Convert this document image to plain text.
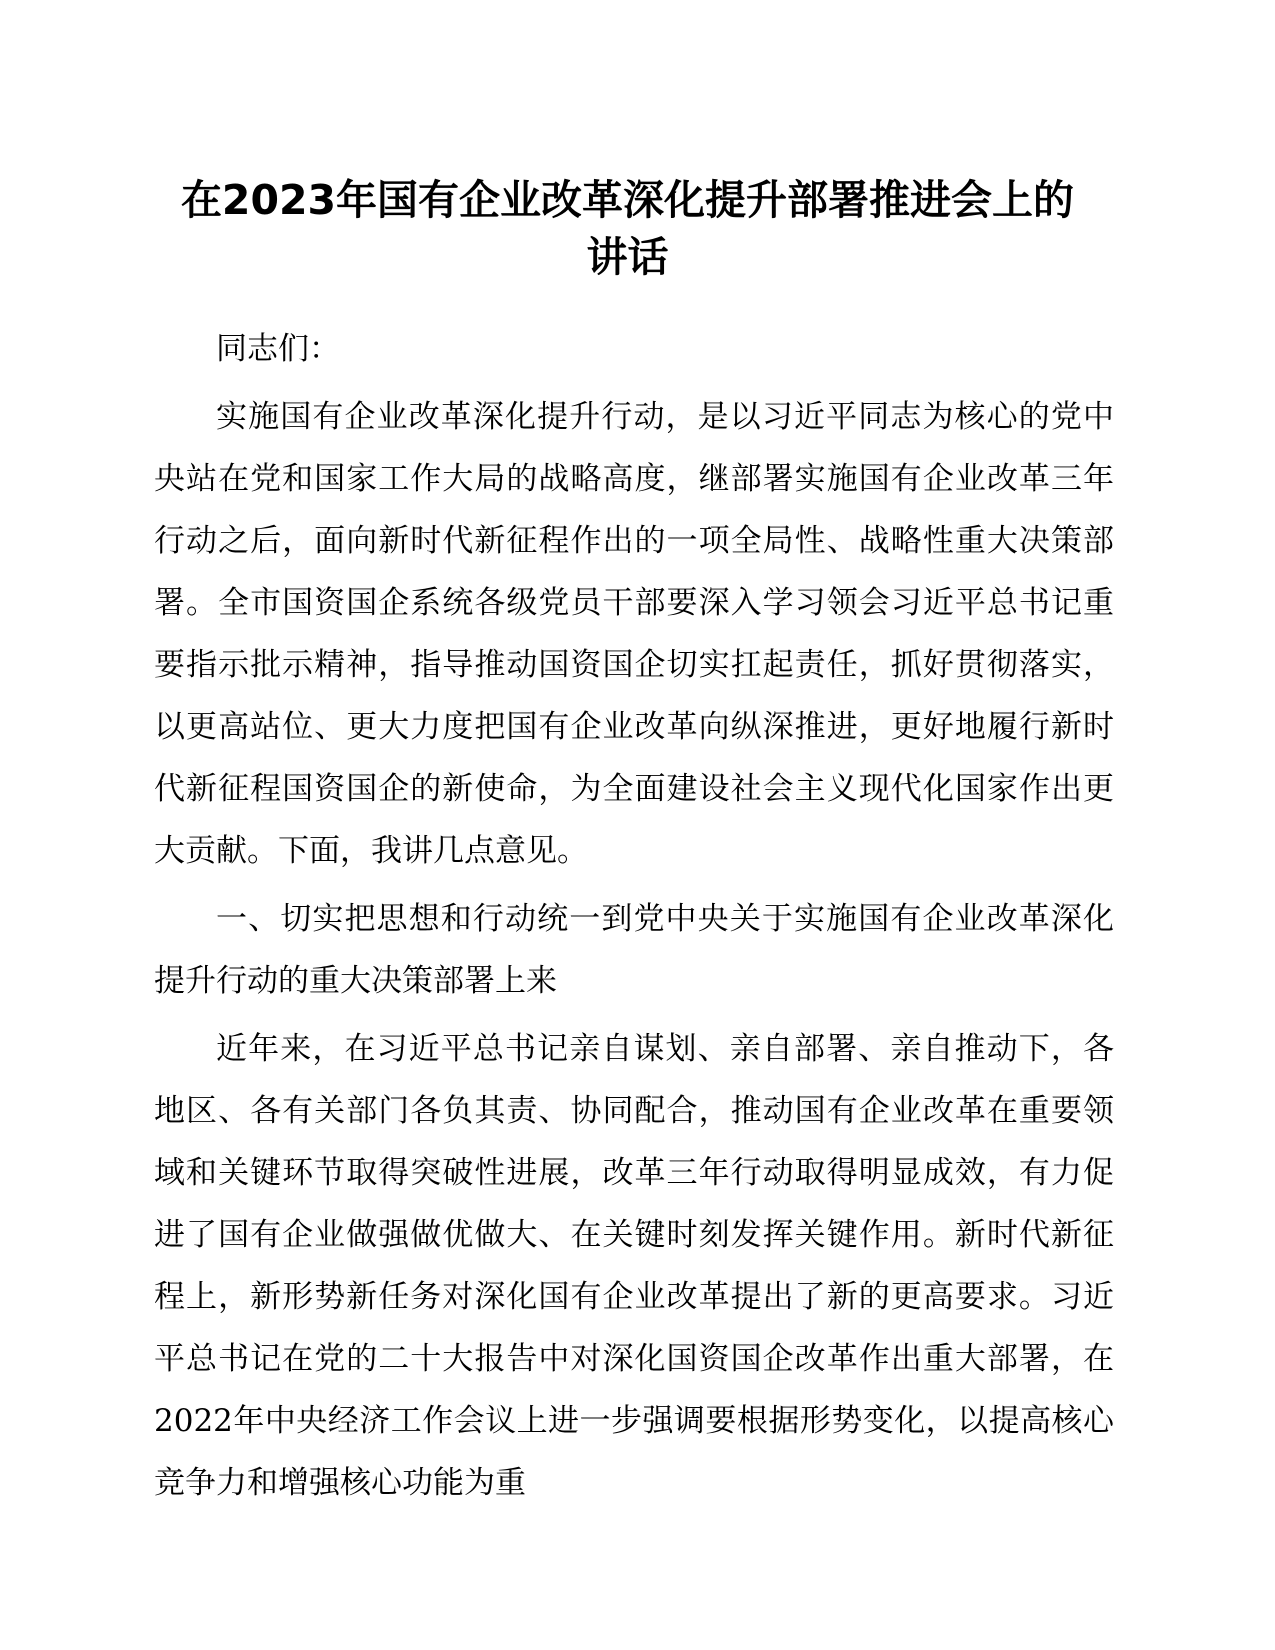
在2023年国有企业改革深化提升部署推进会上的
讲话

同志们：

实施国有企业改革深化提升行动，是以习近平同志为核心的党中央站在党和国家工作大局的战略高度，继部署实施国有企业改革三年行动之后，面向新时代新征程作出的一项全局性、战略性重大决策部署。全市国资国企系统各级党员干部要深入学习领会习近平总书记重要指示批示精神，指导推动国资国企切实扛起责任，抓好贯彻落实，以更高站位、更大力度把国有企业改革向纵深推进，更好地履行新时代新征程国资国企的新使命，为全面建设社会主义现代化国家作出更大贡献。下面，我讲几点意见。

一、切实把思想和行动统一到党中央关于实施国有企业改革深化提升行动的重大决策部署上来

近年来，在习近平总书记亲自谋划、亲自部署、亲自推动下，各地区、各有关部门各负其责、协同配合，推动国有企业改革在重要领域和关键环节取得突破性进展，改革三年行动取得明显成效，有力促进了国有企业做强做优做大、在关键时刻发挥关键作用。新时代新征程上，新形势新任务对深化国有企业改革提出了新的更高要求。习近平总书记在党的二十大报告中对深化国资国企改革作出重大部署，在2022年中央经济工作会议上进一步强调要根据形势变化，以提高核心竞争力和增强核心功能为重
